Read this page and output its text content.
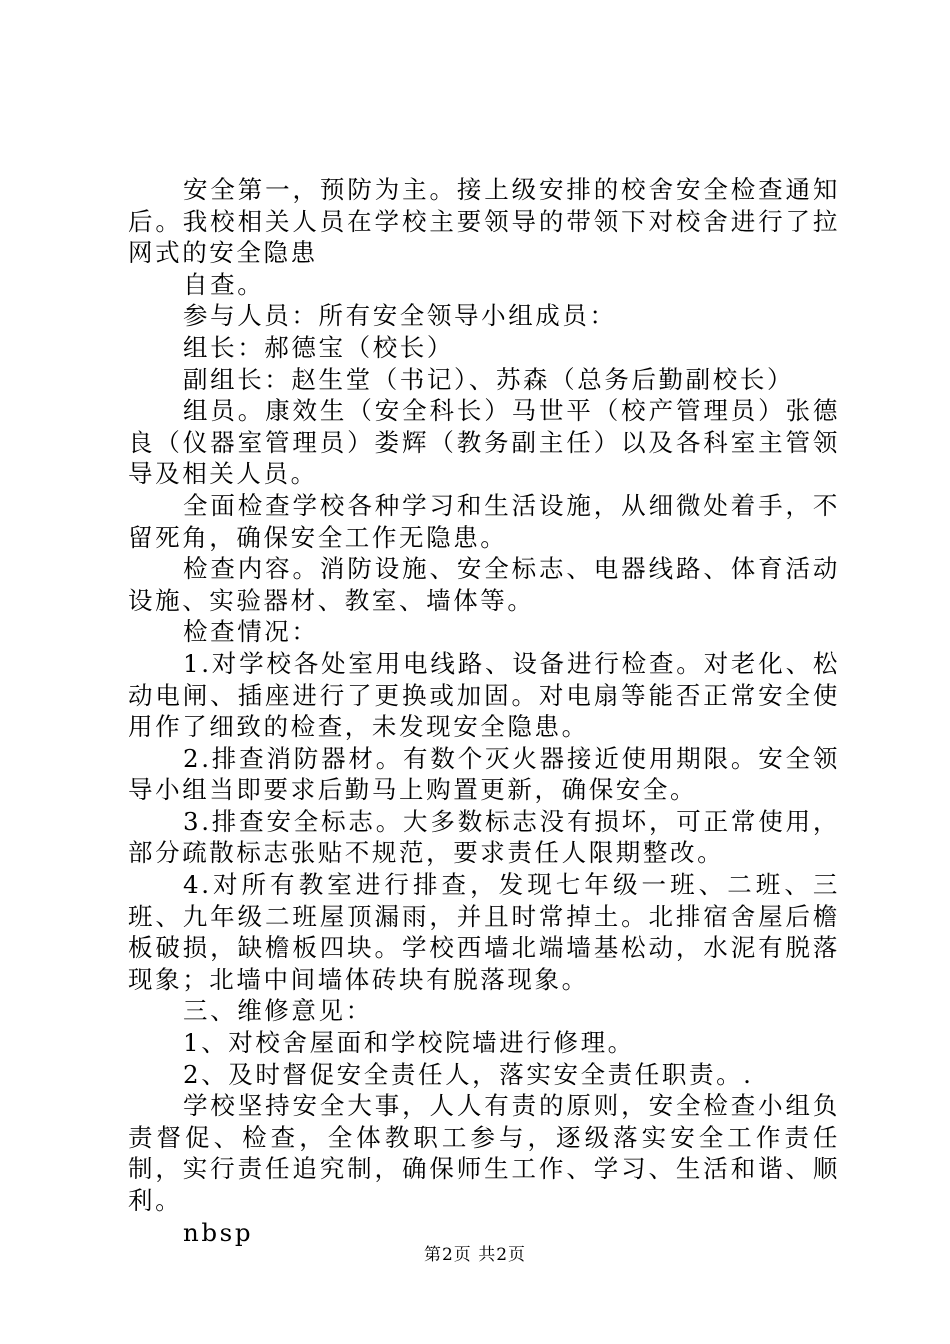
安全第一，预防为主。接上级安排的校舍安全检查通知后。我校相关人员在学校主要领导的带领下对校舍进行了拉网式的安全隐患

自查。

参与人员：所有安全领导小组成员：

组长：郝德宝（校长）

副组长：赵生堂（书记）、苏森（总务后勤副校长）

组员。康效生（安全科长）马世平（校产管理员）张德良（仪器室管理员）娄辉（教务副主任）以及各科室主管领导及相关人员。

全面检查学校各种学习和生活设施，从细微处着手，不留死角，确保安全工作无隐患。

检查内容。消防设施、安全标志、电器线路、体育活动设施、实验器材、教室、墙体等。

检查情况：

1.对学校各处室用电线路、设备进行检查。对老化、松动电闸、插座进行了更换或加固。对电扇等能否正常安全使用作了细致的检查，未发现安全隐患。

2.排查消防器材。有数个灭火器接近使用期限。安全领导小组当即要求后勤马上购置更新，确保安全。

3.排查安全标志。大多数标志没有损坏，可正常使用，部分疏散标志张贴不规范，要求责任人限期整改。

4.对所有教室进行排查，发现七年级一班、二班、三班、九年级二班屋顶漏雨，并且时常掉土。北排宿舍屋后檐板破损，缺檐板四块。学校西墙北端墙基松动，水泥有脱落现象；北墙中间墙体砖块有脱落现象。

三、维修意见：

1、对校舍屋面和学校院墙进行修理。

2、及时督促安全责任人，落实安全责任职责。.

学校坚持安全大事，人人有责的原则，安全检查小组负责督促、检查，全体教职工参与，逐级落实安全工作责任制，实行责任追究制，确保师生工作、学习、生活和谐、顺利。

nbsp

第2页 共2页
